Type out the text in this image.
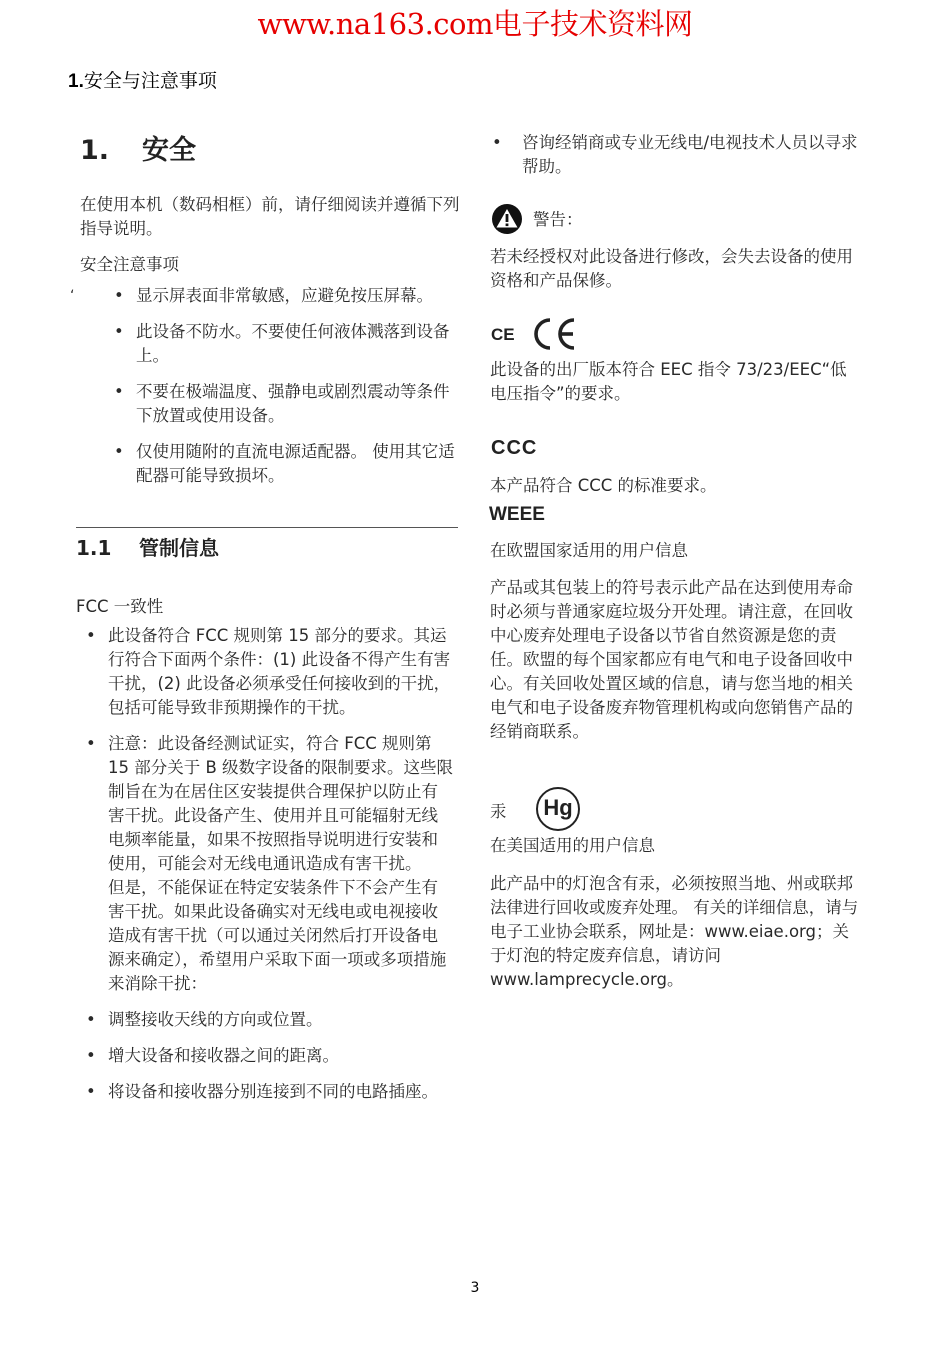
www.na163.com电子技术资料网
1.安全与注意事项
1. 安全
在使用本机（数码相框）前，请仔细阅读并遵循下列指导说明。
安全注意事项
‘	• 显示屏表面非常敏感，应避免按压屏幕。
• 此设备不防水。不要使任何液体溅落到设备上。
• 不要在极端温度、强静电或剧烈震动等条件下放置或使用设备。
• 仅使用随附的直流电源适配器。 使用其它适配器可能导致损坏。
1.1 管制信息
FCC 一致性
• 此设备符合 FCC 规则第 15 部分的要求。其运行符合下面两个条件：(1) 此设备不得产生有害干扰，(2) 此设备必须承受任何接收到的干扰，包括可能导致非预期操作的干扰。
• 注意：此设备经测试证实，符合 FCC 规则第 15 部分关于 B 级数字设备的限制要求。这些限制旨在为在居住区安装提供合理保护以防止有害干扰。此设备产生、使用并且可能辐射无线电频率能量，如果不按照指导说明进行安装和使用，可能会对无线电通讯造成有害干扰。
但是，不能保证在特定安装条件下不会产生有害干扰。如果此设备确实对无线电或电视接收造成有害干扰（可以通过关闭然后打开设备电源来确定），希望用户采取下面一项或多项措施来消除干扰：
• 调整接收天线的方向或位置。
• 增大设备和接收器之间的距离。
• 将设备和接收器分别连接到不同的电路插座。
• 咨询经销商或专业无线电/电视技术人员以寻求帮助。
警告：
若未经授权对此设备进行修改，会失去设备的使用资格和产品保修。
CE
此设备的出厂版本符合 EEC 指令 73/23/EEC“低电压指令”的要求。
CCC
本产品符合 CCC 的标准要求。
WEEE
在欧盟国家适用的用户信息
产品或其包装上的符号表示此产品在达到使用寿命时必须与普通家庭垃圾分开处理。请注意，在回收中心废弃处理电子设备以节省自然资源是您的责任。欧盟的每个国家都应有电气和电子设备回收中心。有关回收处置区域的信息，请与您当地的相关电气和电子设备废弃物管理机构或向您销售产品的经销商联系。
汞	Hg
在美国适用的用户信息
此产品中的灯泡含有汞，必须按照当地、州或联邦法律进行回收或废弃处理。 有关的详细信息，请与电子工业协会联系，网址是：www.eiae.org；关于灯泡的特定废弃信息，请访问 www.lamprecycle.org。
3
